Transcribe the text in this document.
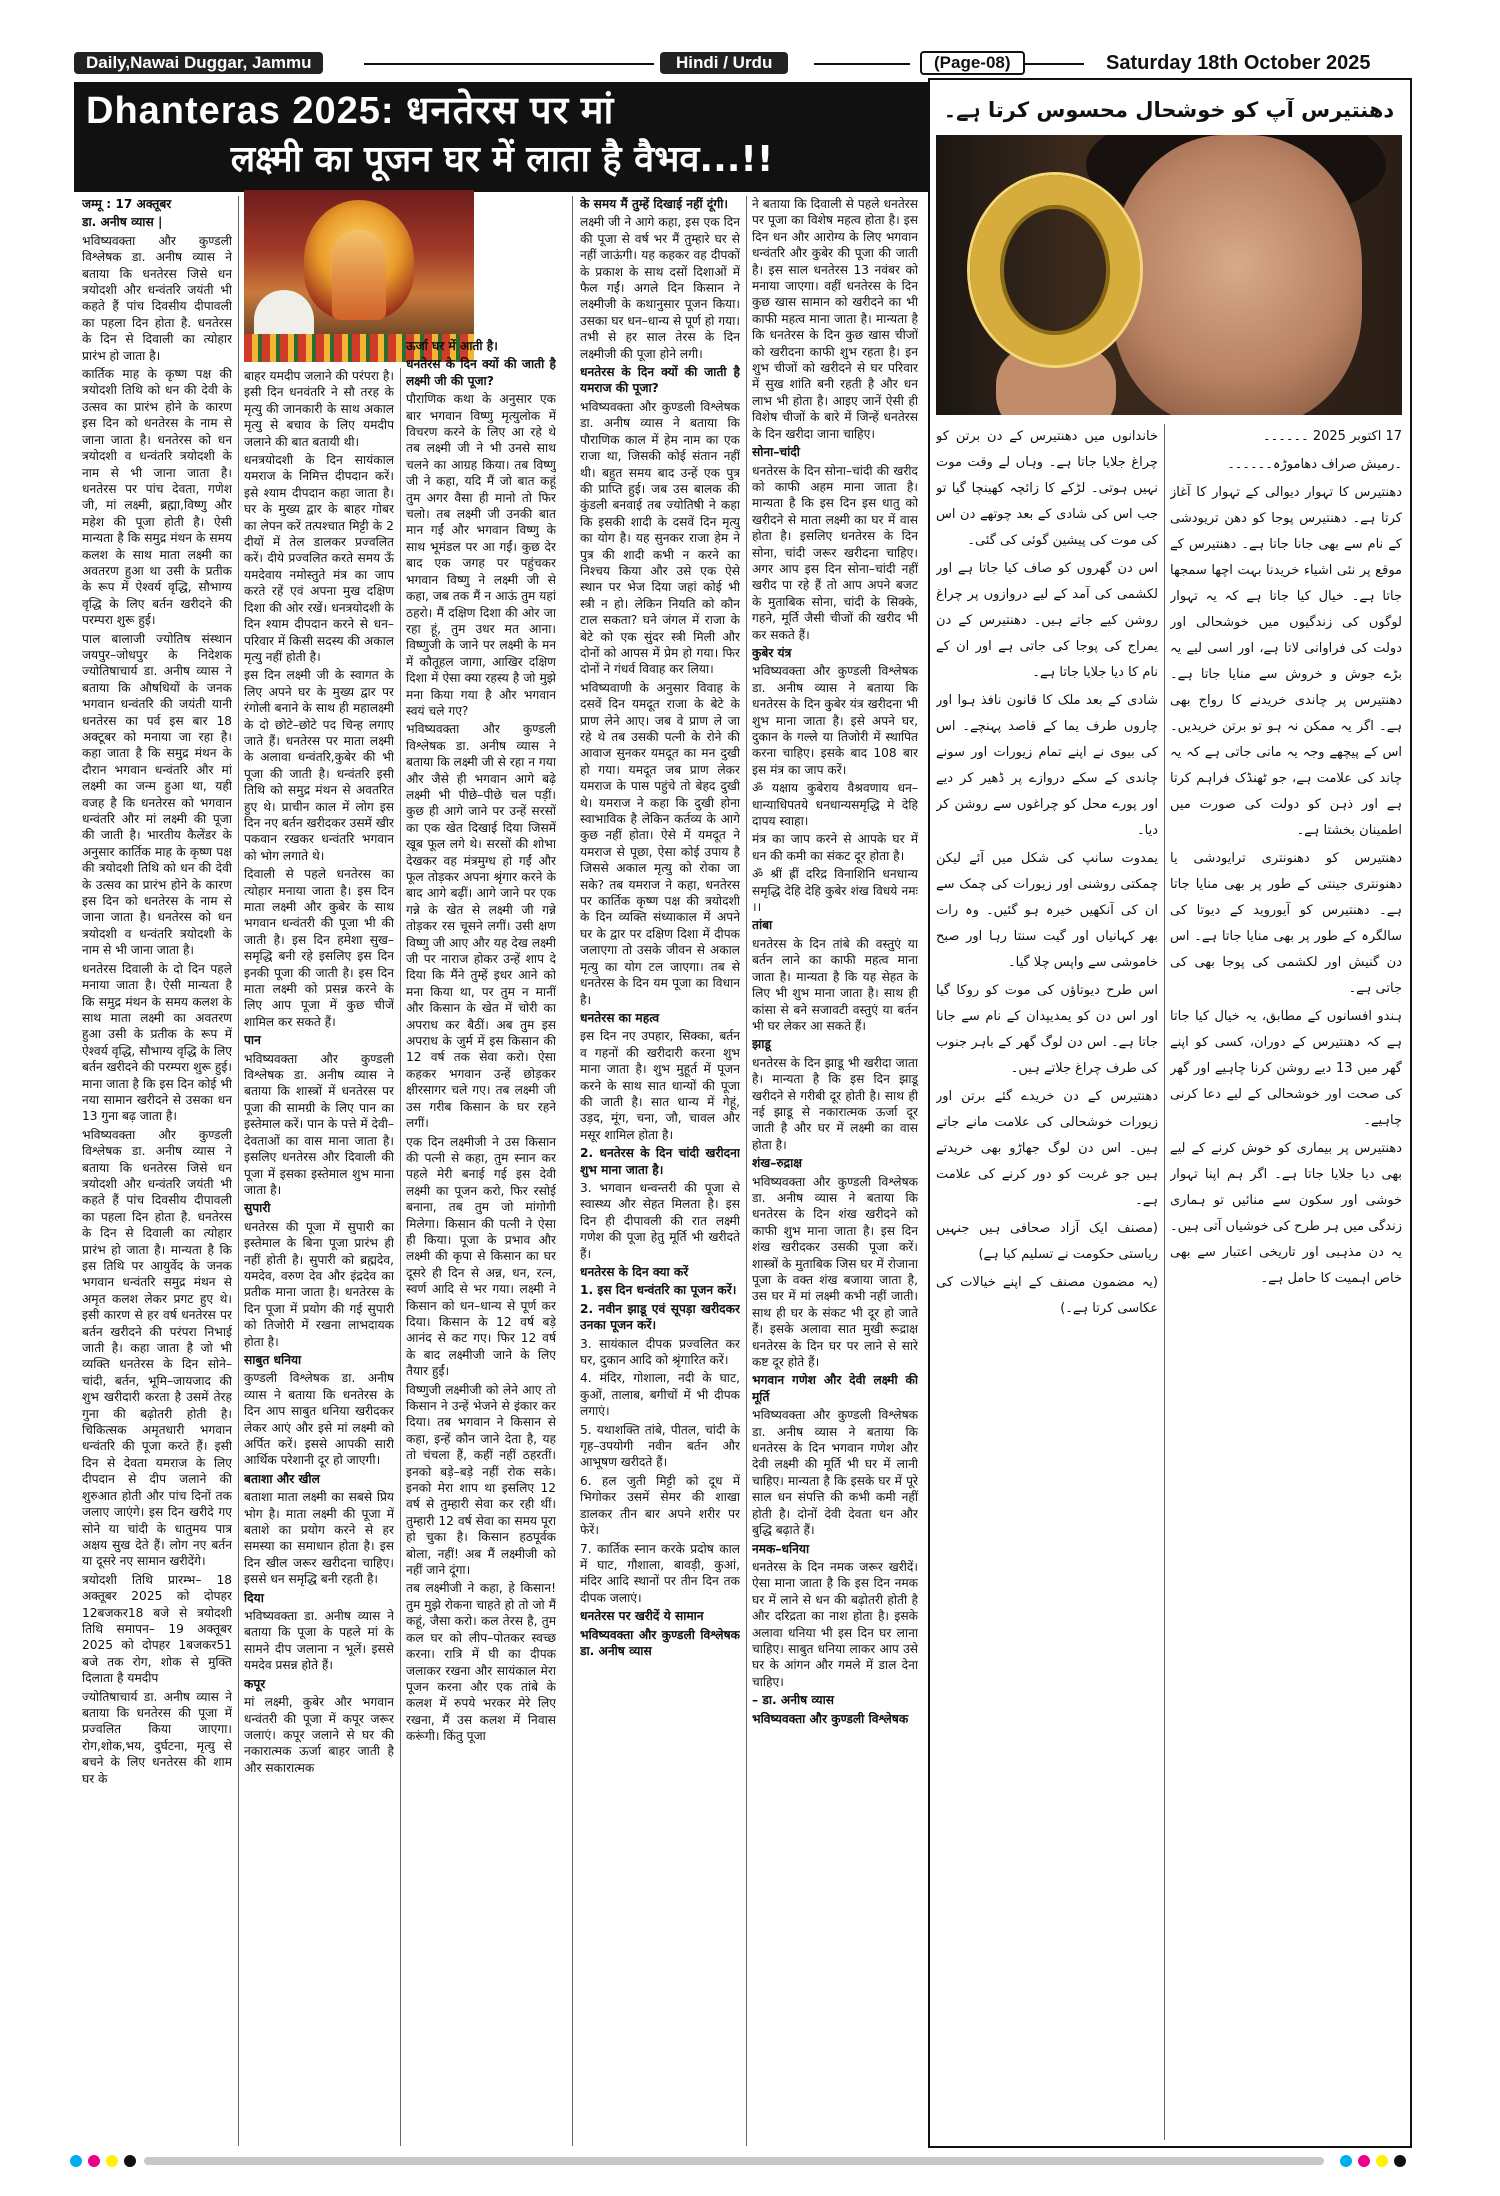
Daily,Nawai Duggar, Jammu	Hindi / Urdu	(Page-08)	Saturday 18th October 2025
Dhanteras 2025: धनतेरस पर मां
लक्ष्मी का पूजन घर में लाता है वैभव...!!

जम्मू : 17 अक्तूबर

डा. अनीष व्यास |

भविष्यवक्ता और कुण्डली विश्लेषक डा. अनीष व्यास ने बताया कि धनतेरस जिसे धन त्रयोदशी और धन्वंतरि जयंती भी कहते हैं पांच दिवसीय दीपावली का पहला दिन होता है. धनतेरस के दिन से दिवाली का त्योहार प्रारंभ हो जाता है।

कार्तिक माह के कृष्ण पक्ष की त्रयोदशी तिथि को धन की देवी के उत्सव का प्रारंभ होने के कारण इस दिन को धनतेरस के नाम से जाना जाता है। धनतेरस को धन त्रयोदशी व धन्वंतरि त्रयोदशी के नाम से भी जाना जाता है। धनतेरस पर पांच देवता, गणेश जी, मां लक्ष्मी, ब्रह्मा,विष्णु और महेश की पूजा होती है। ऐसी मान्यता है कि समुद्र मंथन के समय कलश के साथ माता लक्ष्मी का अवतरण हुआ था उसी के प्रतीक के रूप में ऐश्वर्य वृद्धि, सौभाग्य वृद्धि के लिए बर्तन खरीदने की परम्परा शुरू हुई।

पाल बालाजी ज्योतिष संस्थान जयपुर–जोधपुर के निदेशक ज्योतिषाचार्य डा. अनीष व्यास ने बताया कि औषधियों के जनक भगवान धन्वंतरि की जयंती यानी धनतेरस का पर्व इस बार 18 अक्टूबर को मनाया जा रहा है। कहा जाता है कि समुद्र मंथन के दौरान भगवान धन्वंतरि और मां लक्ष्मी का जन्म हुआ था, यही वजह है कि धनतेरस को भगवान धन्वंतरि और मां लक्ष्मी की पूजा की जाती है। भारतीय कैलेंडर के अनुसार कार्तिक माह के कृष्ण पक्ष की त्रयोदशी तिथि को धन की देवी के उत्सव का प्रारंभ होने के कारण इस दिन को धनतेरस के नाम से जाना जाता है। धनतेरस को धन त्रयोदशी व धन्वंतरि त्रयोदशी के नाम से भी जाना जाता है।

धनतेरस दिवाली के दो दिन पहले मनाया जाता है। ऐसी मान्यता है कि समुद्र मंथन के समय कलश के साथ माता लक्ष्मी का अवतरण हुआ उसी के प्रतीक के रूप में ऐश्वर्य वृद्धि, सौभाग्य वृद्धि के लिए बर्तन खरीदने की परम्परा शुरू हुई। माना जाता है कि इस दिन कोई भी नया सामान खरीदने से उसका धन 13 गुना बढ़ जाता है।

भविष्यवक्ता और कुण्डली विश्लेषक डा. अनीष व्यास ने बताया कि धनतेरस जिसे धन त्रयोदशी और धन्वंतरि जयंती भी कहते हैं पांच दिवसीय दीपावली का पहला दिन होता है. धनतेरस के दिन से दिवाली का त्योहार प्रारंभ हो जाता है। मान्यता है कि इस तिथि पर आयुर्वेद के जनक भगवान धन्वंतरि समुद्र मंथन से अमृत कलश लेकर प्रगट हुए थे। इसी कारण से हर वर्ष धनतेरस पर बर्तन खरीदने की परंपरा निभाई जाती है। कहा जाता है जो भी व्यक्ति धनतेरस के दिन सोने–चांदी, बर्तन, भूमि–जायजाद की शुभ खरीदारी करता है उसमें तेरह गुना की बढ़ोतरी होती है। चिकित्सक अमृतधारी भगवान धन्वंतरि की पूजा करते हैं। इसी दिन से देवता यमराज के लिए दीपदान से दीप जलाने की शुरुआत होती और पांच दिनों तक जलाए जाएंगे। इस दिन खरीदे गए सोने या चांदी के धातुमय पात्र अक्षय सुख देते हैं। लोग नए बर्तन या दूसरे नए सामान खरीदेंगे।

त्रयोदशी तिथि प्रारम्भ– 18 अक्तूबर 2025 को दोपहर 12बजकर18 बजे से त्रयोदशी तिथि समापन– 19 अक्तूबर 2025 को दोपहर 1बजकर51 बजे तक रोग, शोक से मुक्ति दिलाता है यमदीप

ज्योतिषाचार्य डा. अनीष व्यास ने बताया कि धनतेरस की पूजा में प्रज्वलित किया जाएगा। रोग,शोक,भय, दुर्घटना, मृत्यु से बचने के लिए धनतेरस की शाम घर के

बाहर यमदीप जलाने की परंपरा है। इसी दिन धनवंतरि ने सौ तरह के मृत्यु की जानकारी के साथ अकाल मृत्यु से बचाव के लिए यमदीप जलाने की बात बतायी थी।

धनत्रयोदशी के दिन सायंकाल यमराज के निमित्त दीपदान करें। इसे श्याम दीपदान कहा जाता है। घर के मुख्य द्वार के बाहर गोबर का लेपन करें तत्पश्चात मिट्टी के 2 दीयों में तेल डालकर प्रज्वलित करें। दीये प्रज्वलित करते समय ऊँ यमदेवाय नमोस्तुते मंत्र का जाप करते रहें एवं अपना मुख दक्षिण दिशा की ओर रखें। धनत्रयोदशी के दिन श्याम दीपदान करने से धन–परिवार में किसी सदस्य की अकाल मृत्यु नहीं होती है।

इस दिन लक्ष्मी जी के स्वागत के लिए अपने घर के मुख्य द्वार पर रंगोली बनाने के साथ ही महालक्ष्मी के दो छोटे–छोटे पद चिन्ह लगाए जाते हैं। धनतेरस पर माता लक्ष्मी के अलावा धन्वंतरि,कुबेर की भी पूजा की जाती है। धन्वंतरि इसी तिथि को समुद्र मंथन से अवतरित हुए थे। प्राचीन काल में लोग इस दिन नए बर्तन खरीदकर उसमें खीर पकवान रखकर धन्वंतरि भगवान को भोग लगाते थे।

दिवाली से पहले धनतेरस का त्योहार मनाया जाता है। इस दिन माता लक्ष्मी और कुबेर के साथ भगवान धन्वंतरी की पूजा भी की जाती है। इस दिन हमेशा सुख–समृद्धि बनी रहे इसलिए इस दिन इनकी पूजा की जाती है। इस दिन माता लक्ष्मी को प्रसन्न करने के लिए आप पूजा में कुछ चीजें शामिल कर सकते हैं।

पान

भविष्यवक्ता और कुण्डली विश्लेषक डा. अनीष व्यास ने बताया कि शास्त्रों में धनतेरस पर पूजा की सामग्री के लिए पान का इस्तेमाल करें। पान के पत्ते में देवी–देवताओं का वास माना जाता है। इसलिए धनतेरस और दिवाली की पूजा में इसका इस्तेमाल शुभ माना जाता है।

सुपारी

धनतेरस की पूजा में सुपारी का इस्तेमाल के बिना पूजा प्रारंभ ही नहीं होती है। सुपारी को ब्रह्मदेव, यमदेव, वरुण देव और इंद्रदेव का प्रतीक माना जाता है। धनतेरस के दिन पूजा में प्रयोग की गई सुपारी को तिजोरी में रखना लाभदायक होता है।

साबुत धनिया

कुण्डली विश्लेषक डा. अनीष व्यास ने बताया कि धनतेरस के दिन आप साबुत धनिया खरीदकर लेकर आएं और इसे मां लक्ष्मी को अर्पित करें। इससे आपकी सारी आर्थिक परेशानी दूर हो जाएगी।

बताशा और खील

बताशा माता लक्ष्मी का सबसे प्रिय भोग है। माता लक्ष्मी की पूजा में बताशे का प्रयोग करने से हर समस्या का समाधान होता है। इस दिन खील जरूर खरीदना चाहिए। इससे धन समृद्धि बनी रहती है।

दिया

भविष्यवक्ता डा. अनीष व्यास ने बताया कि पूजा के पहले मां के सामने दीप जलाना न भूलें। इससे यमदेव प्रसन्न होते हैं।

कपूर

मां लक्ष्मी, कुबेर और भगवान धन्वंतरी की पूजा में कपूर जरूर जलाएं। कपूर जलाने से घर की नकारात्मक ऊर्जा बाहर जाती है और सकारात्मक

ऊर्जा घर में आती है।

धनतेरस के दिन क्यों की जाती है लक्ष्मी जी की पूजा?

पौराणिक कथा के अनुसार एक बार भगवान विष्णु मृत्युलोक में विचरण करने के लिए आ रहे थे तब लक्ष्मी जी ने भी उनसे साथ चलने का आग्रह किया। तब विष्णु जी ने कहा, यदि मैं जो बात कहूं तुम अगर वैसा ही मानो तो फिर चलो। तब लक्ष्मी जी उनकी बात मान गईं और भगवान विष्णु के साथ भूमंडल पर आ गईं। कुछ देर बाद एक जगह पर पहुंचकर भगवान विष्णु ने लक्ष्मी जी से कहा, जब तक मैं न आऊं तुम यहां ठहरो। मैं दक्षिण दिशा की ओर जा रहा हूं, तुम उधर मत आना। विष्णुजी के जाने पर लक्ष्मी के मन में कौतूहल जागा, आखिर दक्षिण दिशा में ऐसा क्या रहस्य है जो मुझे मना किया गया है और भगवान स्वयं चले गए?

भविष्यवक्ता और कुण्डली विश्लेषक डा. अनीष व्यास ने बताया कि लक्ष्मी जी से रहा न गया और जैसे ही भगवान आगे बढ़े लक्ष्मी भी पीछे–पीछे चल पड़ीं। कुछ ही आगे जाने पर उन्हें सरसों का एक खेत दिखाई दिया जिसमें खूब फूल लगे थे। सरसों की शोभा देखकर वह मंत्रमुग्ध हो गईं और फूल तोड़कर अपना श्रृंगार करने के बाद आगे बढ़ीं। आगे जाने पर एक गन्ने के खेत से लक्ष्मी जी गन्ने तोड़कर रस चूसने लगीं। उसी क्षण विष्णु जी आए और यह देख लक्ष्मी जी पर नाराज होकर उन्हें शाप दे दिया कि मैंने तुम्हें इधर आने को मना किया था, पर तुम न मानीं और किसान के खेत में चोरी का अपराध कर बैठीं। अब तुम इस अपराध के जुर्म में इस किसान की 12 वर्ष तक सेवा करो। ऐसा कहकर भगवान उन्हें छोड़कर क्षीरसागर चले गए। तब लक्ष्मी जी उस गरीब किसान के घर रहने लगीं।

एक दिन लक्ष्मीजी ने उस किसान की पत्नी से कहा, तुम स्नान कर पहले मेरी बनाई गई इस देवी लक्ष्मी का पूजन करो, फिर रसोई बनाना, तब तुम जो मांगोगी मिलेगा। किसान की पत्नी ने ऐसा ही किया। पूजा के प्रभाव और लक्ष्मी की कृपा से किसान का घर दूसरे ही दिन से अन्न, धन, रत्न, स्वर्ण आदि से भर गया। लक्ष्मी ने किसान को धन–धान्य से पूर्ण कर दिया। किसान के 12 वर्ष बड़े आनंद से कट गए। फिर 12 वर्ष के बाद लक्ष्मीजी जाने के लिए तैयार हुईं।

विष्णुजी लक्ष्मीजी को लेने आए तो किसान ने उन्हें भेजने से इंकार कर दिया। तब भगवान ने किसान से कहा, इन्हें कौन जाने देता है, यह तो चंचला हैं, कहीं नहीं ठहरतीं। इनको बड़े–बड़े नहीं रोक सके। इनको मेरा शाप था इसलिए 12 वर्ष से तुम्हारी सेवा कर रही थीं। तुम्हारी 12 वर्ष सेवा का समय पूरा हो चुका है। किसान हठपूर्वक बोला, नहीं! अब मैं लक्ष्मीजी को नहीं जाने दूंगा।

तब लक्ष्मीजी ने कहा, हे किसान! तुम मुझे रोकना चाहते हो तो जो मैं कहूं, जैसा करो। कल तेरस है, तुम कल घर को लीप–पोतकर स्वच्छ करना। रात्रि में घी का दीपक जलाकर रखना और सायंकाल मेरा पूजन करना और एक तांबे के कलश में रुपये भरकर मेरे लिए रखना, मैं उस कलश में निवास करूंगी। किंतु पूजा

के समय मैं तुम्हें दिखाई नहीं दूंगी।

लक्ष्मी जी ने आगे कहा, इस एक दिन की पूजा से वर्ष भर मैं तुम्हारे घर से नहीं जाऊंगी। यह कहकर वह दीपकों के प्रकाश के साथ दसों दिशाओं में फैल गईं। अगले दिन किसान ने लक्ष्मीजी के कथानुसार पूजन किया। उसका घर धन–धान्य से पूर्ण हो गया। तभी से हर साल तेरस के दिन लक्ष्मीजी की पूजा होने लगी।

धनतेरस के दिन क्यों की जाती है यमराज की पूजा?

भविष्यवक्ता और कुण्डली विश्लेषक डा. अनीष व्यास ने बताया कि पौराणिक काल में हेम नाम का एक राजा था, जिसकी कोई संतान नहीं थी। बहुत समय बाद उन्हें एक पुत्र की प्राप्ति हुई। जब उस बालक की कुंडली बनवाई तब ज्योतिषी ने कहा कि इसकी शादी के दसवें दिन मृत्यु का योग है। यह सुनकर राजा हेम ने पुत्र की शादी कभी न करने का निश्चय किया और उसे एक ऐसे स्थान पर भेज दिया जहां कोई भी स्त्री न हो। लेकिन नियति को कौन टाल सकता? घने जंगल में राजा के बेटे को एक सुंदर स्त्री मिली और दोनों को आपस में प्रेम हो गया। फिर दोनों ने गंधर्व विवाह कर लिया।

भविष्यवाणी के अनुसार विवाह के दसवें दिन यमदूत राजा के बेटे के प्राण लेने आए। जब वे प्राण ले जा रहे थे तब उसकी पत्नी के रोने की आवाज सुनकर यमदूत का मन दुखी हो गया। यमदूत जब प्राण लेकर यमराज के पास पहुंचे तो बेहद दुखी थे। यमराज ने कहा कि दुखी होना स्वाभाविक है लेकिन कर्तव्य के आगे कुछ नहीं होता। ऐसे में यमदूत ने यमराज से पूछा, ऐसा कोई उपाय है जिससे अकाल मृत्यु को रोका जा सके? तब यमराज ने कहा, धनतेरस पर कार्तिक कृष्ण पक्ष की त्रयोदशी के दिन व्यक्ति संध्याकाल में अपने घर के द्वार पर दक्षिण दिशा में दीपक जलाएगा तो उसके जीवन से अकाल मृत्यु का योग टल जाएगा। तब से धनतेरस के दिन यम पूजा का विधान है।

धनतेरस का महत्व

इस दिन नए उपहार, सिक्का, बर्तन व गहनों की खरीदारी करना शुभ माना जाता है। शुभ मुहूर्त में पूजन करने के साथ सात धान्यों की पूजा की जाती है। सात धान्य में गेहूं, उड़द, मूंग, चना, जौ, चावल और मसूर शामिल होता है।

2. धनतेरस के दिन चांदी खरीदना शुभ माना जाता है।

3. भगवान धन्वन्तरी की पूजा से स्वास्थ्य और सेहत मिलता है। इस दिन ही दीपावली की रात लक्ष्मी गणेश की पूजा हेतु मूर्ति भी खरीदते हैं।

धनतेरस के दिन क्या करें

1. इस दिन धन्वंतरि का पूजन करें।

2. नवीन झाडू एवं सूपड़ा खरीदकर उनका पूजन करें।

3. सायंकाल दीपक प्रज्वलित कर घर, दुकान आदि को श्रृंगारित करें।

4. मंदिर, गोशाला, नदी के घाट, कुओं, तालाब, बगीचों में भी दीपक लगाएं।

5. यथाशक्ति तांबे, पीतल, चांदी के गृह–उपयोगी नवीन बर्तन और आभूषण खरीदते हैं।

6. हल जुती मिट्टी को दूध में भिगोकर उसमें सेमर की शाखा डालकर तीन बार अपने शरीर पर फेरें।

7. कार्तिक स्नान करके प्रदोष काल में घाट, गौशाला, बावड़ी, कुआं, मंदिर आदि स्थानों पर तीन दिन तक दीपक जलाएं।

धनतेरस पर खरीदें ये सामान

भविष्यवक्ता और कुण्डली विश्लेषक डा. अनीष व्यास

ने बताया कि दिवाली से पहले धनतेरस पर पूजा का विशेष महत्व होता है। इस दिन धन और आरोग्य के लिए भगवान धन्वंतरि और कुबेर की पूजा की जाती है। इस साल धनतेरस 13 नवंबर को मनाया जाएगा। वहीं धनतेरस के दिन कुछ खास सामान को खरीदने का भी काफी महत्व माना जाता है। मान्यता है कि धनतेरस के दिन कुछ खास चीजों को खरीदना काफी शुभ रहता है। इन शुभ चीजों को खरीदने से घर परिवार में सुख शांति बनी रहती है और धन लाभ भी होता है। आइए जानें ऐसी ही विशेष चीजों के बारे में जिन्हें धनतेरस के दिन खरीदा जाना चाहिए।

सोना–चांदी

धनतेरस के दिन सोना–चांदी की खरीद को काफी अहम माना जाता है। मान्यता है कि इस दिन इस धातु को खरीदने से माता लक्ष्मी का घर में वास होता है। इसलिए धनतेरस के दिन सोना, चांदी जरूर खरीदना चाहिए। अगर आप इस दिन सोना–चांदी नहीं खरीद पा रहे हैं तो आप अपने बजट के मुताबिक सोना, चांदी के सिक्के, गहने, मूर्ति जैसी चीजों की खरीद भी कर सकते हैं।

कुबेर यंत्र

भविष्यवक्ता और कुण्डली विश्लेषक डा. अनीष व्यास ने बताया कि धनतेरस के दिन कुबेर यंत्र खरीदना भी शुभ माना जाता है। इसे अपने घर, दुकान के गल्ले या तिजोरी में स्थापित करना चाहिए। इसके बाद 108 बार इस मंत्र का जाप करें।

ॐ यक्षाय कुबेराय वैश्रवणाय धन–धान्याधिपतये धनधान्यसमृद्धि मे देहि दापय स्वाहा।

मंत्र का जाप करने से आपके घर में धन की कमी का संकट दूर होता है।

ॐ श्रीं ह्रीं दरिद्र विनाशिनि धनधान्य समृद्धि देहि देहि कुबेर शंख विधये नमः ।।

तांबा

धनतेरस के दिन तांबे की वस्तुएं या बर्तन लाने का काफी महत्व माना जाता है। मान्यता है कि यह सेहत के लिए भी शुभ माना जाता है। साथ ही कांसा से बने सजावटी वस्तुएं या बर्तन भी घर लेकर आ सकते हैं।

झाडू

धनतेरस के दिन झाडू भी खरीदा जाता है। मान्यता है कि इस दिन झाडू खरीदने से गरीबी दूर होती है। साथ ही नई झाडू से नकारात्मक ऊर्जा दूर जाती है और घर में लक्ष्मी का वास होता है।

शंख–रुद्राक्ष

भविष्यवक्ता और कुण्डली विश्लेषक डा. अनीष व्यास ने बताया कि धनतेरस के दिन शंख खरीदने को काफी शुभ माना जाता है। इस दिन शंख खरीदकर उसकी पूजा करें। शास्त्रों के मुताबिक जिस घर में रोजाना पूजा के वक्त शंख बजाया जाता है, उस घर में मां लक्ष्मी कभी नहीं जाती। साथ ही घर के संकट भी दूर हो जाते हैं। इसके अलावा सात मुखी रूद्राक्ष धनतेरस के दिन घर पर लाने से सारे कष्ट दूर होते हैं।

भगवान गणेश और देवी लक्ष्मी की मूर्ति

भविष्यवक्ता और कुण्डली विश्लेषक डा. अनीष व्यास ने बताया कि धनतेरस के दिन भगवान गणेश और देवी लक्ष्मी की मूर्ति भी घर में लानी चाहिए। मान्यता है कि इसके घर में पूरे साल धन संपत्ति की कभी कमी नहीं होती है। दोनों देवी देवता धन और बुद्धि बढ़ाते हैं।

नमक–धनिया

धनतेरस के दिन नमक जरूर खरीदें। ऐसा माना जाता है कि इस दिन नमक घर में लाने से धन की बढ़ोतरी होती है और दरिद्रता का नाश होता है। इसके अलावा धनिया भी इस दिन घर लाना चाहिए। साबुत धनिया लाकर आप उसे घर के आंगन और गमले में डाल देना चाहिए।

– डा. अनीष व्यास

भविष्यवक्ता और कुण्डली विश्लेषक

دھنتیرس آپ کو خوشحال محسوس کرتا ہے۔

17 اکتوبر 2025 ۔۔۔۔۔۔

۔رمیش صراف دھاموڑہ۔۔۔۔۔۔

دھنتیرس کا تہوار دیوالی کے تہوار کا آغاز کرتا ہے۔ دھنتیرس پوجا کو دھن تریودشی کے نام سے بھی جانا جاتا ہے۔ دھنتیرس کے موقع پر نئی اشیاء خریدنا بہت اچھا سمجھا جاتا ہے۔ خیال کیا جاتا ہے کہ یہ تہوار لوگوں کی زندگیوں میں خوشحالی اور دولت کی فراوانی لاتا ہے، اور اسی لیے یہ بڑے جوش و خروش سے منایا جاتا ہے۔ دھنتیرس پر چاندی خریدنے کا رواج بھی ہے۔ اگر یہ ممکن نہ ہو تو برتن خریدیں۔ اس کے پیچھے وجہ یہ مانی جاتی ہے کہ یہ چاند کی علامت ہے، جو ٹھنڈک فراہم کرتا ہے اور ذہن کو دولت کی صورت میں اطمینان بخشتا ہے۔

دھنتیرس کو دھنونتری ترایودشی یا دھنونتری جینتی کے طور پر بھی منایا جاتا ہے۔ دھنتیرس کو آیوروید کے دیوتا کی سالگرہ کے طور پر بھی منایا جاتا ہے۔ اس دن گنیش اور لکشمی کی پوجا بھی کی جاتی ہے۔

ہندو افسانوں کے مطابق، یہ خیال کیا جاتا ہے کہ دھنتیرس کے دوران، کسی کو اپنے گھر میں 13 دیے روشن کرنا چاہیے اور گھر کی صحت اور خوشحالی کے لیے دعا کرنی چاہیے۔

دھنتیرس پر بیماری کو خوش کرنے کے لیے بھی دیا جلایا جاتا ہے۔ اگر ہم اپنا تہوار خوشی اور سکون سے منائیں تو ہماری زندگی میں ہر طرح کی خوشیاں آتی ہیں۔ یہ دن مذہبی اور تاریخی اعتبار سے بھی خاص اہمیت کا حامل ہے۔

خاندانوں میں دھنتیرس کے دن برتن کو چراغ جلایا جاتا ہے۔ وہاں لے وقت موت نہیں ہوتی۔ لڑکے کا زائچہ کھینچا گیا تو جب اس کی شادی کے بعد چوتھے دن اس کی موت کی پیشین گوئی کی گئی۔

اس دن گھروں کو صاف کیا جاتا ہے اور لکشمی کی آمد کے لیے دروازوں پر چراغ روشن کیے جاتے ہیں۔ دھنتیرس کے دن یمراج کی پوجا کی جاتی ہے اور ان کے نام کا دیا جلایا جاتا ہے۔

شادی کے بعد ملک کا قانون نافذ ہوا اور چاروں طرف یما کے قاصد پہنچے۔ اس کی بیوی نے اپنے تمام زیورات اور سونے چاندی کے سکے دروازے پر ڈھیر کر دیے اور پورے محل کو چراغوں سے روشن کر دیا۔

یمدوت سانپ کی شکل میں آئے لیکن چمکتی روشنی اور زیورات کی چمک سے ان کی آنکھیں خیرہ ہو گئیں۔ وہ رات بھر کہانیاں اور گیت سنتا رہا اور صبح خاموشی سے واپس چلا گیا۔

اس طرح دیوتاؤں کی موت کو روکا گیا اور اس دن کو یمدیپدان کے نام سے جانا جاتا ہے۔ اس دن لوگ گھر کے باہر جنوب کی طرف چراغ جلاتے ہیں۔

دھنتیرس کے دن خریدے گئے برتن اور زیورات خوشحالی کی علامت مانے جاتے ہیں۔ اس دن لوگ جھاڑو بھی خریدتے ہیں جو غربت کو دور کرنے کی علامت ہے۔

(مصنف ایک آزاد صحافی ہیں جنہیں ریاستی حکومت نے تسلیم کیا ہے)

(یہ مضمون مصنف کے اپنے خیالات کی عکاسی کرتا ہے۔)
